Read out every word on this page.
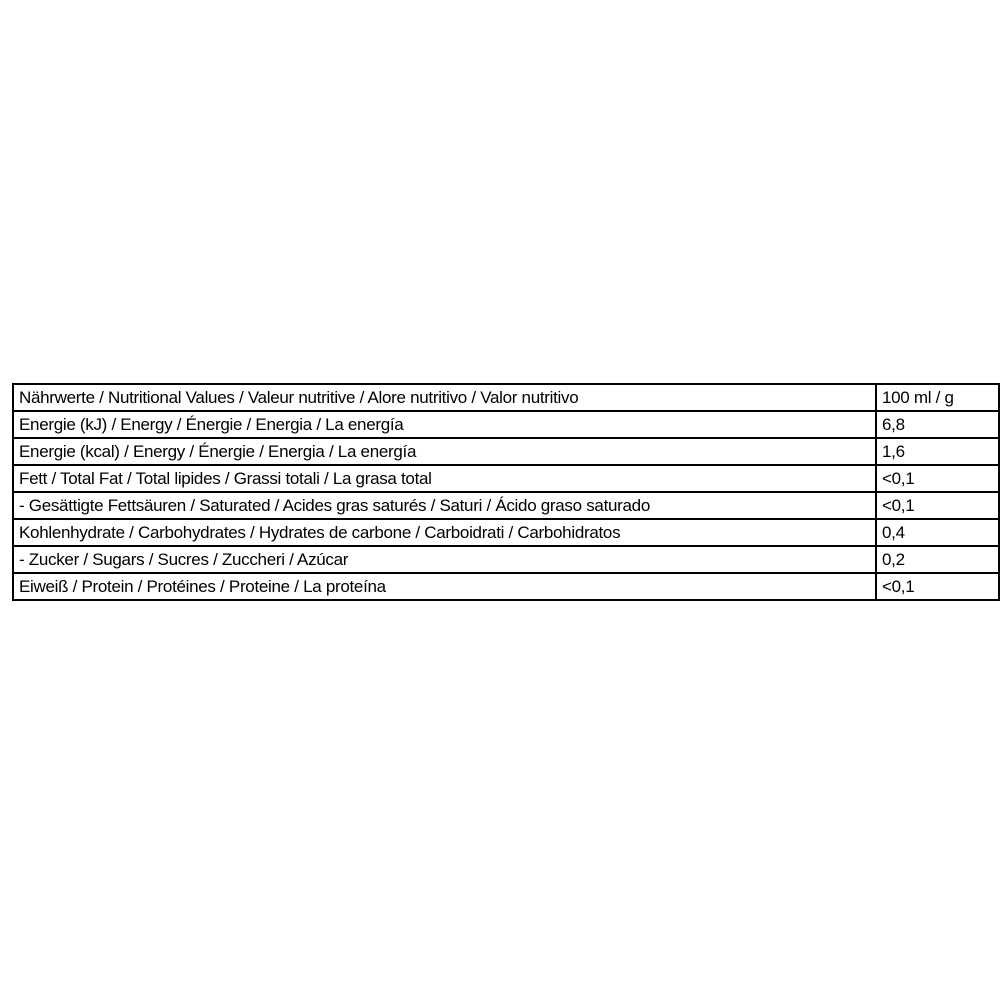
Nährwerte / Nutritional Values / Valeur nutritive / Alore nutritivo / Valor nutritivo	100 ml / g
Energie (kJ) / Energy / Énergie / Energia / La energía	6,8
Energie (kcal) / Energy / Énergie / Energia / La energía	1,6
Fett / Total Fat / Total lipides / Grassi totali / La grasa total	<0,1
- Gesättigte Fettsäuren / Saturated / Acides gras saturés / Saturi / Ácido graso saturado	<0,1
Kohlenhydrate / Carbohydrates / Hydrates de carbone / Carboidrati / Carbohidratos	0,4
- Zucker / Sugars / Sucres / Zuccheri / Azúcar	0,2
Eiweiß / Protein / Protéines / Proteine / La proteína	<0,1
